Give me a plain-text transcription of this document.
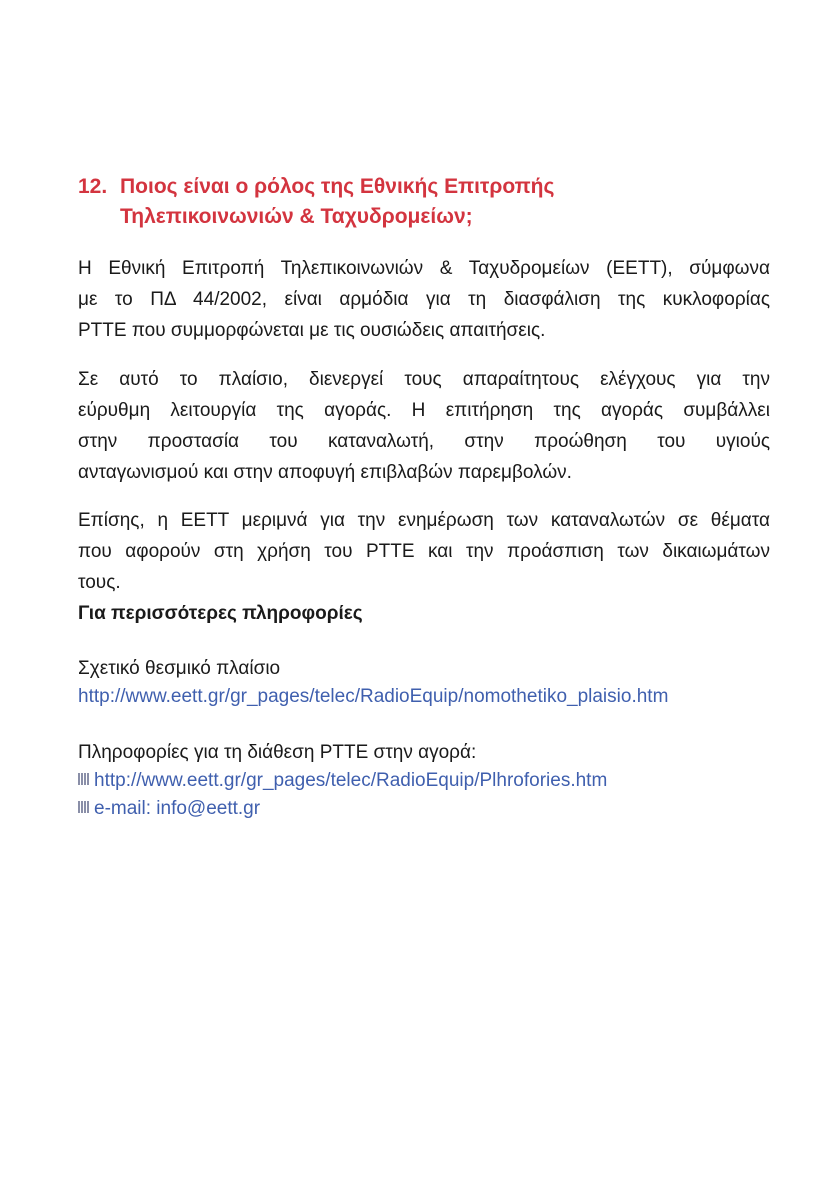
12. Ποιος είναι ο ρόλος της Εθνικής Επιτροπής
Τηλεπικοινωνιών & Ταχυδρομείων;

Η Εθνική Επιτροπή Τηλεπικοινωνιών & Ταχυδρομείων (ΕΕΤΤ), σύμφωνα
με το ΠΔ 44/2002, είναι αρμόδια για τη διασφάλιση της κυκλοφορίας
ΡΤΤΕ που συμμορφώνεται με τις ουσιώδεις απαιτήσεις.

Σε αυτό το πλαίσιο, διενεργεί τους απαραίτητους ελέγχους για την
εύρυθμη λειτουργία της αγοράς. Η επιτήρηση της αγοράς συμβάλλει
στην προστασία του καταναλωτή, στην προώθηση του υγιούς
ανταγωνισμού και στην αποφυγή επιβλαβών παρεμβολών.

Επίσης, η ΕΕΤΤ μεριμνά για την ενημέρωση των καταναλωτών σε θέματα
που αφορούν στη χρήση του ΡΤΤΕ και την προάσπιση των δικαιωμάτων
τους.

Για περισσότερες πληροφορίες
Σχετικό θεσμικό πλαίσιο
http://www.eett.gr/gr_pages/telec/RadioEquip/nomothetiko_plaisio.htm
Πληροφορίες για τη διάθεση ΡΤΤΕ στην αγορά:
http://www.eett.gr/gr_pages/telec/RadioEquip/Plhrofories.htm
e-mail: info@eett.gr
